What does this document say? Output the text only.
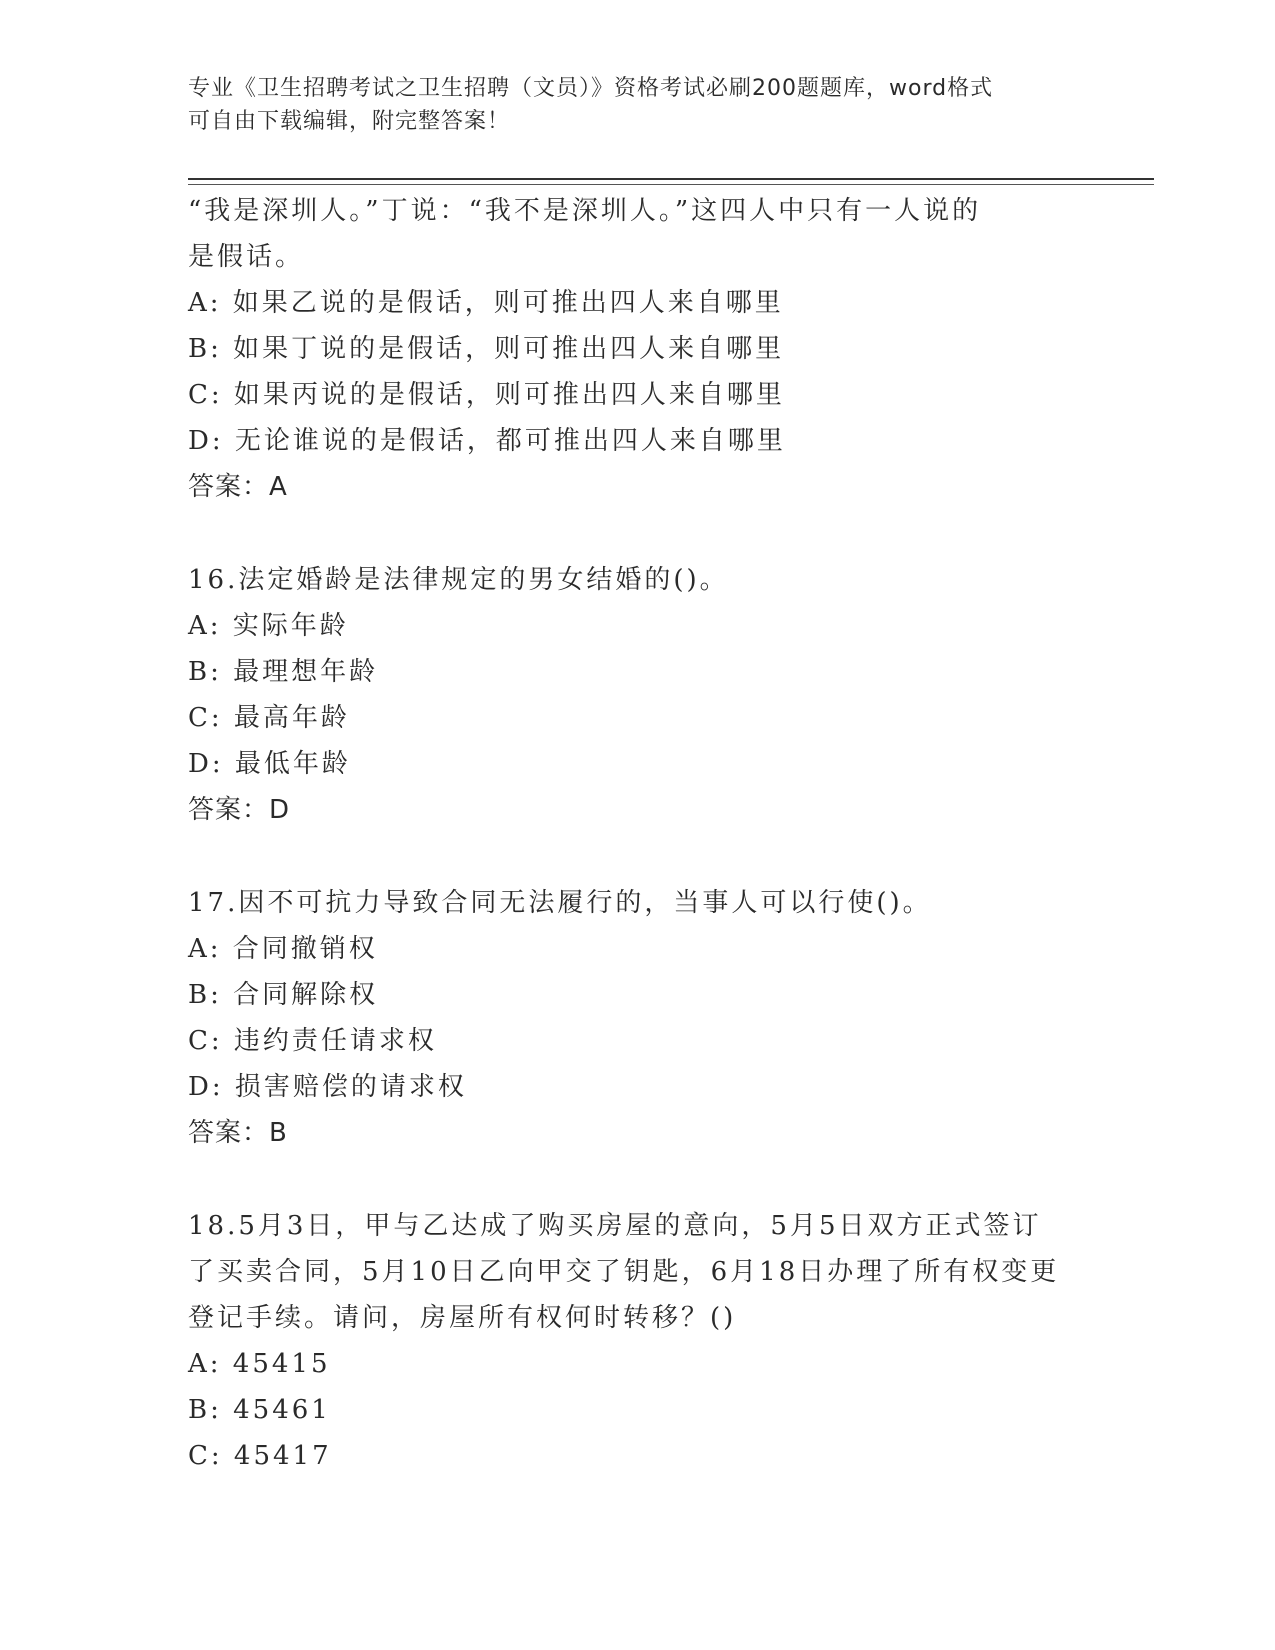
专业《卫生招聘考试之卫生招聘（文员）》资格考试必刷200题题库，word格式
可自由下载编辑，附完整答案！
“我是深圳人。”丁说：“我不是深圳人。”这四人中只有一人说的
是假话。
A: 如果乙说的是假话，则可推出四人来自哪里
B: 如果丁说的是假话，则可推出四人来自哪里
C: 如果丙说的是假话，则可推出四人来自哪里
D: 无论谁说的是假话，都可推出四人来自哪里
答案：A
16.法定婚龄是法律规定的男女结婚的()。
A: 实际年龄
B: 最理想年龄
C: 最高年龄
D: 最低年龄
答案：D
17.因不可抗力导致合同无法履行的，当事人可以行使()。
A: 合同撤销权
B: 合同解除权
C: 违约责任请求权
D: 损害赔偿的请求权
答案：B
18.5月3日，甲与乙达成了购买房屋的意向，5月5日双方正式签订
了买卖合同，5月10日乙向甲交了钥匙，6月18日办理了所有权变更
登记手续。请问，房屋所有权何时转移？()
A: 45415
B: 45461
C: 45417
